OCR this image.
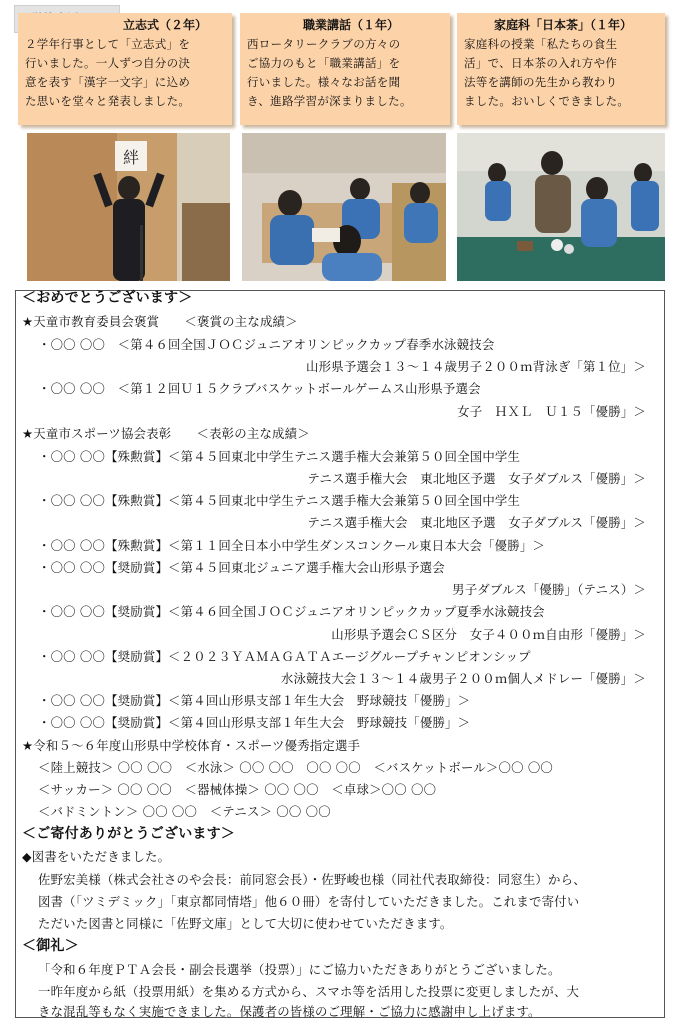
立志式（２年）
２学年行事として「立志式」を
行いました。一人ずつ自分の決
意を表す「漢字一文字」に込め
た思いを堂々と発表しました。
職業講話（１年）
西ロータリークラブの方々の
ご協力のもと「職業講話」を
行いました。様々なお話を聞
き、進路学習が深まりました。
家庭科「日本茶」（１年）
家庭科の授業「私たちの食生
活」で、日本茶の入れ方や作
法等を講師の先生から教わり
ました。おいしくできました。
絆
＜おめでとうございます＞
★天童市教育委員会褒賞　　＜褒賞の主な成績＞
・〇〇 〇〇　＜第４６回全国ＪＯＣジュニアオリンピックカップ春季水泳競技会
山形県予選会１３～１４歳男子２００ｍ背泳ぎ「第１位」＞
・〇〇 〇〇　＜第１２回Ｕ１５クラブバスケットボールゲームス山形県予選会
女子　ＨＸＬ　Ｕ１５「優勝」＞
★天童市スポーツ協会表彰　　＜表彰の主な成績＞
・〇〇 〇〇【殊勲賞】＜第４５回東北中学生テニス選手権大会兼第５０回全国中学生
テニス選手権大会　東北地区予選　女子ダブルス「優勝」＞
・〇〇 〇〇【殊勲賞】＜第４５回東北中学生テニス選手権大会兼第５０回全国中学生
テニス選手権大会　東北地区予選　女子ダブルス「優勝」＞
・〇〇 〇〇【殊勲賞】＜第１１回全日本小中学生ダンスコンクール東日本大会「優勝」＞
・〇〇 〇〇【奨励賞】＜第４５回東北ジュニア選手権大会山形県予選会
男子ダブルス「優勝」（テニス）＞
・〇〇 〇〇【奨励賞】＜第４６回全国ＪＯＣジュニアオリンピックカップ夏季水泳競技会
山形県予選会ＣＳ区分　女子４００ｍ自由形「優勝」＞
・〇〇 〇〇【奨励賞】＜２０２３ＹＡＭＡＧＡＴＡエージグループチャンピオンシップ
水泳競技大会１３～１４歳男子２００ｍ個人メドレー「優勝」＞
・〇〇 〇〇【奨励賞】＜第４回山形県支部１年生大会　野球競技「優勝」＞
・〇〇 〇〇【奨励賞】＜第４回山形県支部１年生大会　野球競技「優勝」＞
★令和５～６年度山形県中学校体育・スポーツ優秀指定選手
＜陸上競技＞ 〇〇 〇〇　＜水泳＞ 〇〇 〇〇　〇〇 〇〇　＜バスケットボール＞〇〇 〇〇
＜サッカー＞ 〇〇 〇〇　＜器械体操＞ 〇〇 〇〇　＜卓球＞〇〇 〇〇
＜バドミントン＞ 〇〇 〇〇　＜テニス＞ 〇〇 〇〇
＜ご寄付ありがとうございます＞
◆図書をいただきました。
佐野宏美様（株式会社さのや会長：前同窓会長）・佐野峻也様（同社代表取締役：同窓生）から、
図書（「ツミデミック」「東京都同情塔」他６０冊）を寄付していただきました。これまで寄付い
ただいた図書と同様に「佐野文庫」として大切に使わせていただきます。
＜御礼＞
「令和６年度ＰＴＡ会長・副会長選挙（投票）」にご協力いただきありがとうございました。
一昨年度から紙（投票用紙）を集める方式から、スマホ等を活用した投票に変更しましたが、大
きな混乱等もなく実施できました。保護者の皆様のご理解・ご協力に感謝申し上げます。
